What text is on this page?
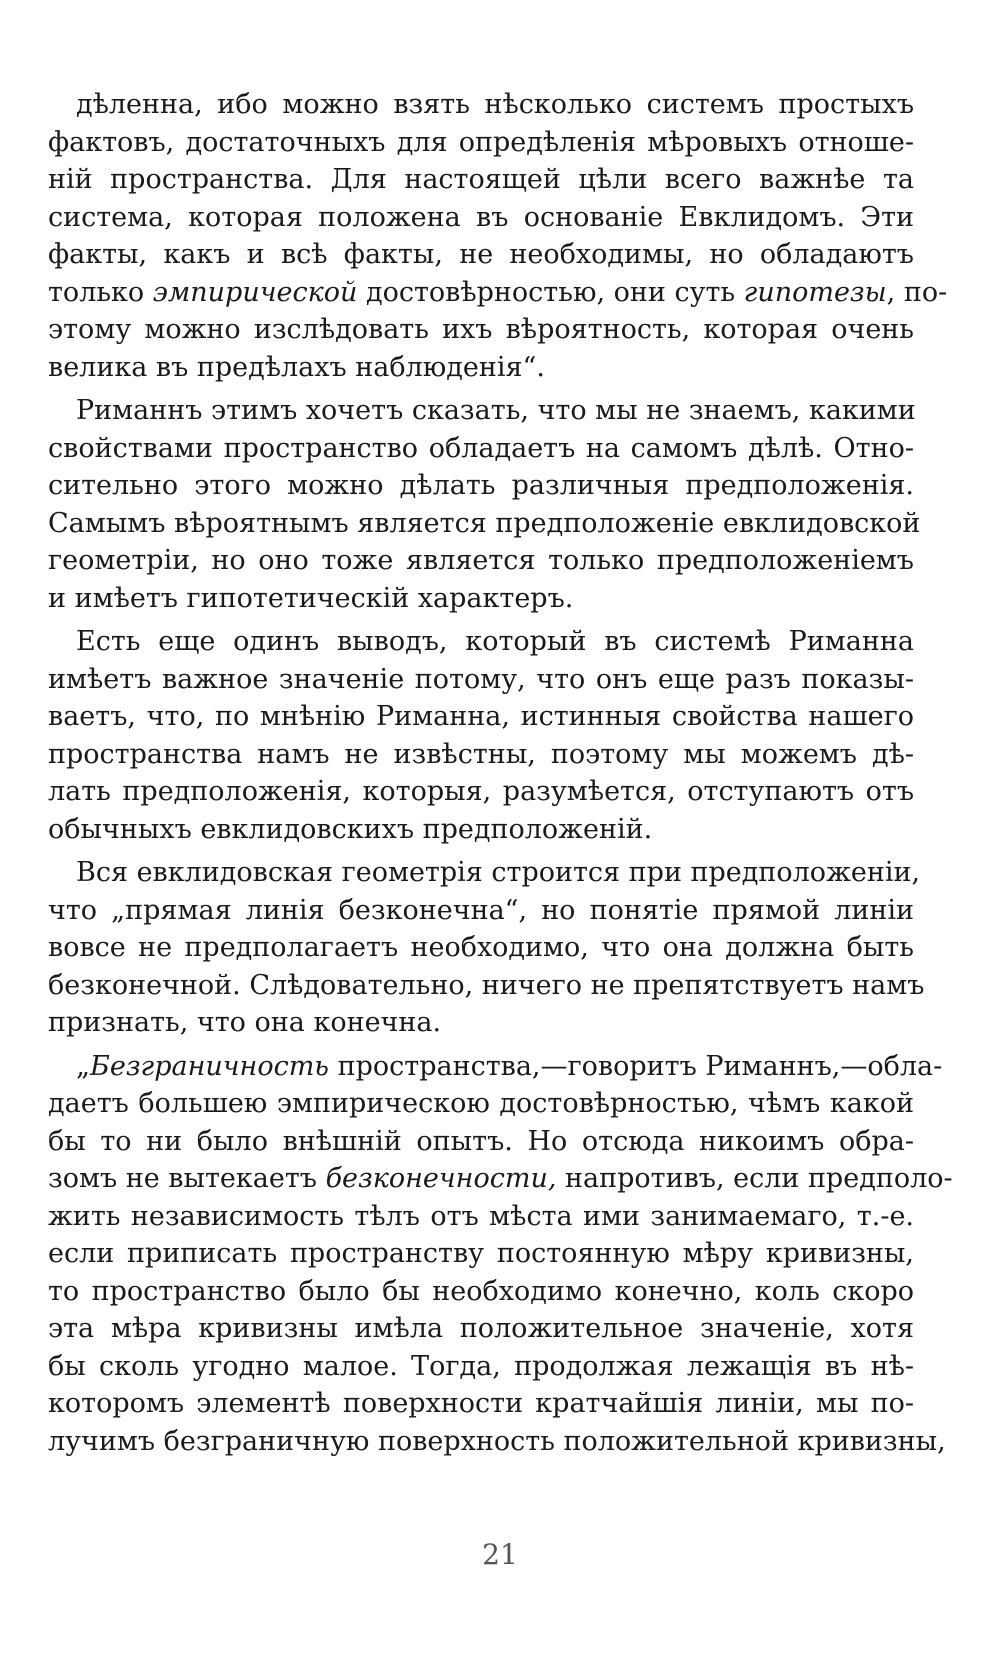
дѣленна, ибо можно взять нѣсколько системъ простыхъ
фактовъ, достаточныхъ для опредѣленія мѣровыхъ отноше-
ній пространства. Для настоящей цѣли всего важнѣе та
система, которая положена въ основаніе Евклидомъ. Эти
факты, какъ и всѣ факты, не необходимы, но обладаютъ
только эмпирической достовѣрностью, они суть гипотезы, по-
этому можно изслѣдовать ихъ вѣроятность, которая очень
велика въ предѣлахъ наблюденія“.
Риманнъ этимъ хочетъ сказать, что мы не знаемъ, какими
свойствами пространство обладаетъ на самомъ дѣлѣ. Отно-
сительно этого можно дѣлать различныя предположенія.
Самымъ вѣроятнымъ является предположеніе евклидовской
геометріи, но оно тоже является только предположеніемъ
и имѣетъ гипотетическій характеръ.
Есть еще одинъ выводъ, который въ системѣ Риманна
имѣетъ важное значеніе потому, что онъ еще разъ показы-
ваетъ, что, по мнѣнію Риманна, истинныя свойства нашего
пространства намъ не извѣстны, поэтому мы можемъ дѣ-
лать предположенія, которыя, разумѣется, отступаютъ отъ
обычныхъ евклидовскихъ предположеній.
Вся евклидовская геометрія строится при предположеніи,
что „прямая линія безконечна“, но понятіе прямой линіи
вовсе не предполагаетъ необходимо, что она должна быть
безконечной. Слѣдовательно, ничего не препятствуетъ намъ
признать, что она конечна.
„Безграничность пространства,—говоритъ Риманнъ,—обла-
даетъ большею эмпирическою достовѣрностью, чѣмъ какой
бы то ни было внѣшній опытъ. Но отсюда никоимъ обра-
зомъ не вытекаетъ безконечности, напротивъ, если предполо-
жить независимость тѣлъ отъ мѣста ими занимаемаго, т.-е.
если приписать пространству постоянную мѣру кривизны,
то пространство было бы необходимо конечно, коль скоро
эта мѣра кривизны имѣла положительное значеніе, хотя
бы сколь угодно малое. Тогда, продолжая лежащія въ нѣ-
которомъ элементѣ поверхности кратчайшія линіи, мы по-
лучимъ безграничную поверхность положительной кривизны,
21
